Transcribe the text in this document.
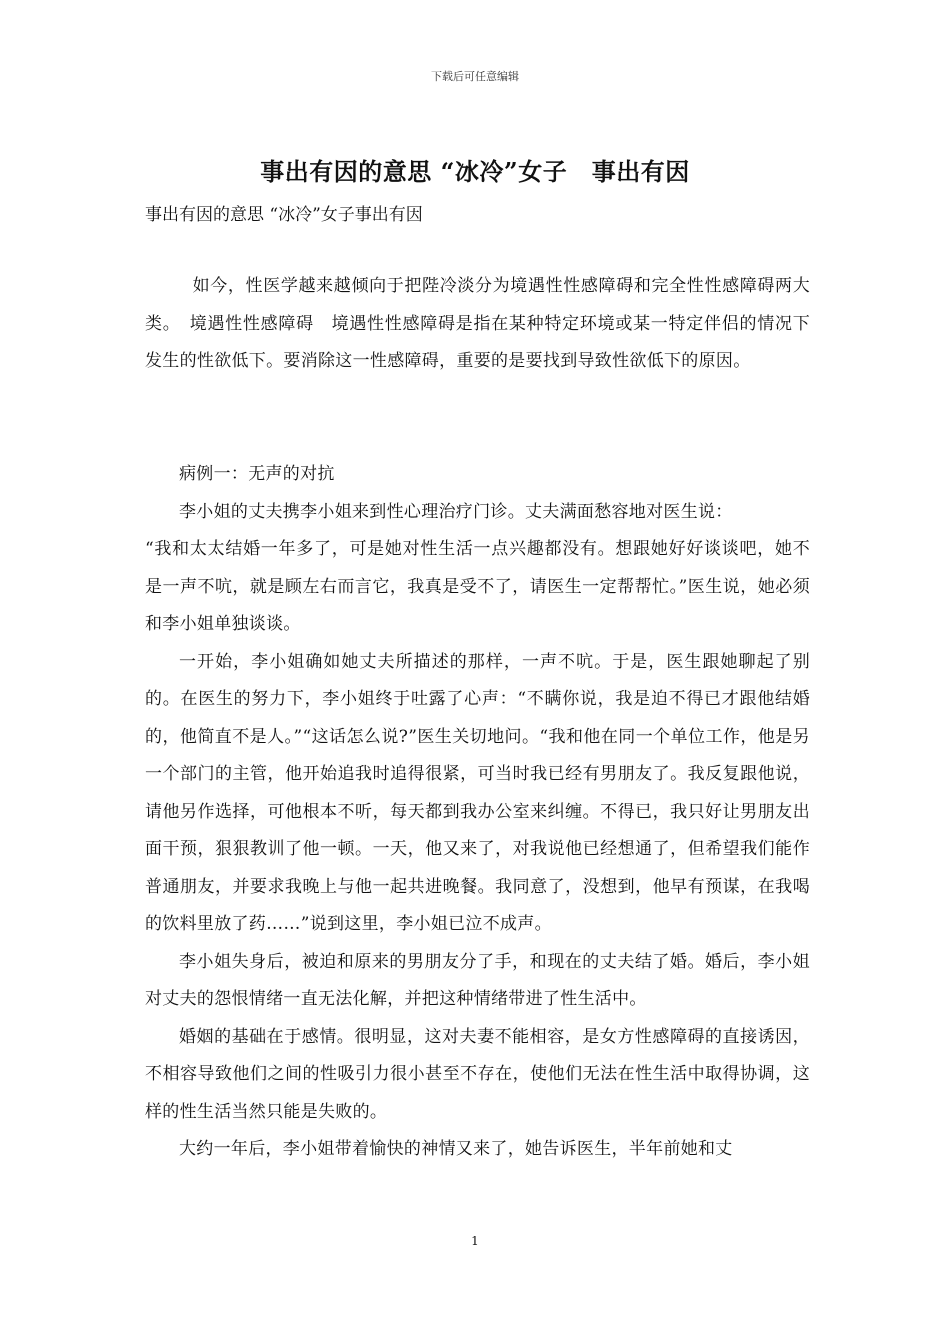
下载后可任意编辑
事出有因的意思 “冰冷”女子　事出有因
事出有因的意思 “冰冷”女子事出有因

如今，性医学越来越倾向于把陛冷淡分为境遇性性感障碍和完全性性感障碍两大类。　境遇性性感障碍　境遇性性感障碍是指在某种特定环境或某一特定伴侣的情况下发生的性欲低下。要消除这一性感障碍，重要的是要找到导致性欲低下的原因。

病例一：无声的对抗

李小姐的丈夫携李小姐来到性心理治疗门诊。丈夫满面愁容地对医生说：

“我和太太结婚一年多了，可是她对性生活一点兴趣都没有。想跟她好好谈谈吧，她不是一声不吭，就是顾左右而言它，我真是受不了，请医生一定帮帮忙。”医生说，她必须和李小姐单独谈谈。

一开始，李小姐确如她丈夫所描述的那样，一声不吭。于是，医生跟她聊起了别的。在医生的努力下，李小姐终于吐露了心声：“不瞒你说，我是迫不得已才跟他结婚的，他简直不是人。”“这话怎么说?”医生关切地问。“我和他在同一个单位工作，他是另一个部门的主管，他开始追我时追得很紧，可当时我已经有男朋友了。我反复跟他说，请他另作选择，可他根本不听，每天都到我办公室来纠缠。不得已，我只好让男朋友出面干预，狠狠教训了他一顿。一天，他又来了，对我说他已经想通了，但希望我们能作普通朋友，并要求我晚上与他一起共进晚餐。我同意了，没想到，他早有预谋，在我喝的饮料里放了药……”说到这里，李小姐已泣不成声。

李小姐失身后，被迫和原来的男朋友分了手，和现在的丈夫结了婚。婚后，李小姐对丈夫的怨恨情绪一直无法化解，并把这种情绪带进了性生活中。

婚姻的基础在于感情。很明显，这对夫妻不能相容，是女方性感障碍的直接诱因，不相容导致他们之间的性吸引力很小甚至不存在，使他们无法在性生活中取得协调，这样的性生活当然只能是失败的。

大约一年后，李小姐带着愉快的神情又来了，她告诉医生，半年前她和丈

1
